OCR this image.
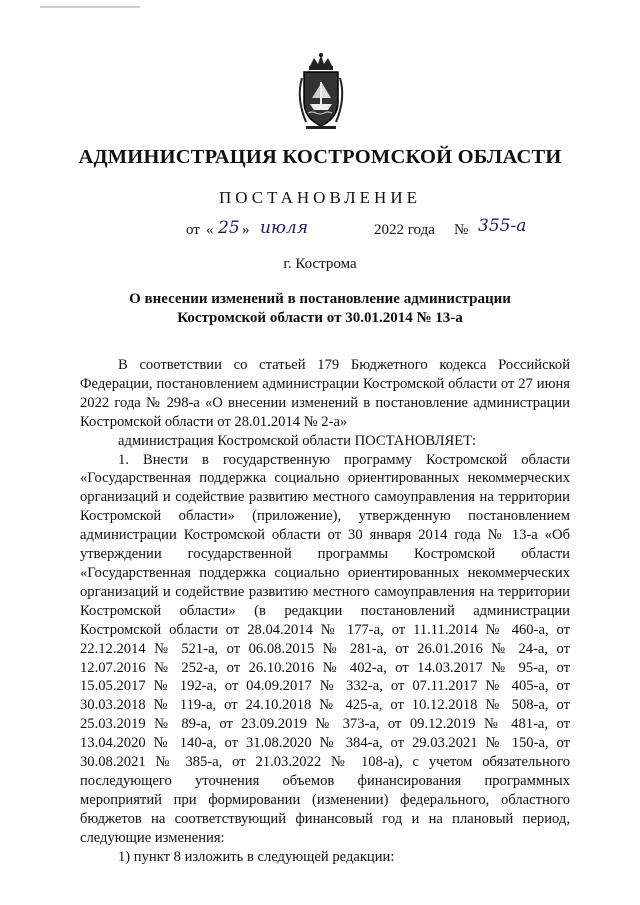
АДМИНИСТРАЦИЯ КОСТРОМСКОЙ ОБЛАСТИ
ПОСТАНОВЛЕНИЕ
от « 25 » июля	2022 года № 355-а
г. Кострома
О внесении изменений в постановление администрации
Костромской области от 30.01.2014 № 13-а

В соответствии со статьей 179 Бюджетного кодекса Российской Федерации, постановлением администрации Костромской области от 27 июня 2022 года № 298-а «О внесении изменений в постановление администрации Костромской области от 28.01.2014 № 2-а»

администрация Костромской области ПОСТАНОВЛЯЕТ:

1. Внести в государственную программу Костромской области «Государственная поддержка социально ориентированных некоммерческих организаций и содействие развитию местного самоуправления на территории Костромской области» (приложение), утвержденную постановлением администрации Костромской области от 30 января 2014 года № 13-а «Об утверждении государственной программы Костромской области «Государственная поддержка социально ориентированных некоммерческих организаций и содействие развитию местного самоуправления на территории Костромской области» (в редакции постановлений администрации Костромской области от 28.04.2014 № 177-а, от 11.11.2014 № 460-а, от 22.12.2014 № 521-а, от 06.08.2015 № 281-а, от 26.01.2016 № 24-а, от 12.07.2016 № 252-а, от 26.10.2016 № 402-а, от 14.03.2017 № 95-а, от 15.05.2017 № 192-а, от 04.09.2017 № 332-а, от 07.11.2017 № 405-а, от 30.03.2018 № 119-а, от 24.10.2018 № 425-а, от 10.12.2018 № 508-а, от 25.03.2019 № 89-а, от 23.09.2019 № 373-а, от 09.12.2019 № 481-а, от 13.04.2020 № 140-а, от 31.08.2020 № 384-а, от 29.03.2021 № 150-а, от 30.08.2021 № 385-а, от 21.03.2022 № 108-а), с учетом обязательного последующего уточнения объемов финансирования программных мероприятий при формировании (изменении) федерального, областного бюджетов на соответствующий финансовый год и на плановый период, следующие изменения:

1) пункт 8 изложить в следующей редакции:
